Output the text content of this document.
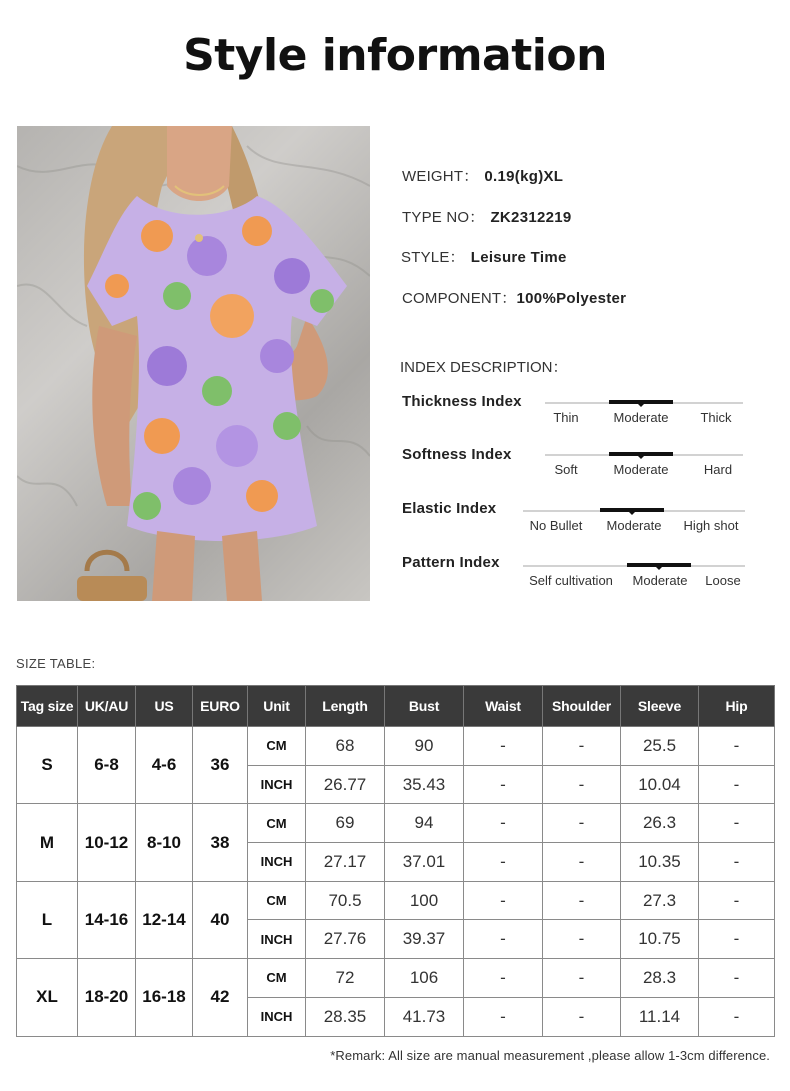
Style information
WEIGHT： 0.19(kg)XL
TYPE NO： ZK2312219
STYLE： Leisure Time
COMPONENT：100%Polyester
INDEX DESCRIPTION：
Thickness Index
Thin	Moderate Thick
Softness Index
Soft	Moderate	Hard
Elastic Index
No Bullet Moderate High shot
Pattern Index
Self cultivation Moderate Loose
SIZE TABLE:
Tag size	UK/AU	US	EURO	Unit	Length	Bust	Waist	Shoulder	Sleeve	Hip
S	6-8	4-6	36	CM	68	90	-	-	25.5	-
				INCH	26.77	35.43	-	-	10.04	-
M	10-12	8-10	38	CM	69	94	-	-	26.3	-
				INCH	27.17	37.01	-	-	10.35	-
L	14-16	12-14	40	CM	70.5	100	-	-	27.3	-
				INCH	27.76	39.37	-	-	10.75	-
XL	18-20	16-18	42	CM	72	106	-	-	28.3	-
				INCH	28.35	41.73	-	-	11.14	-
*Remark: All size are manual measurement ,please allow 1-3cm difference.
